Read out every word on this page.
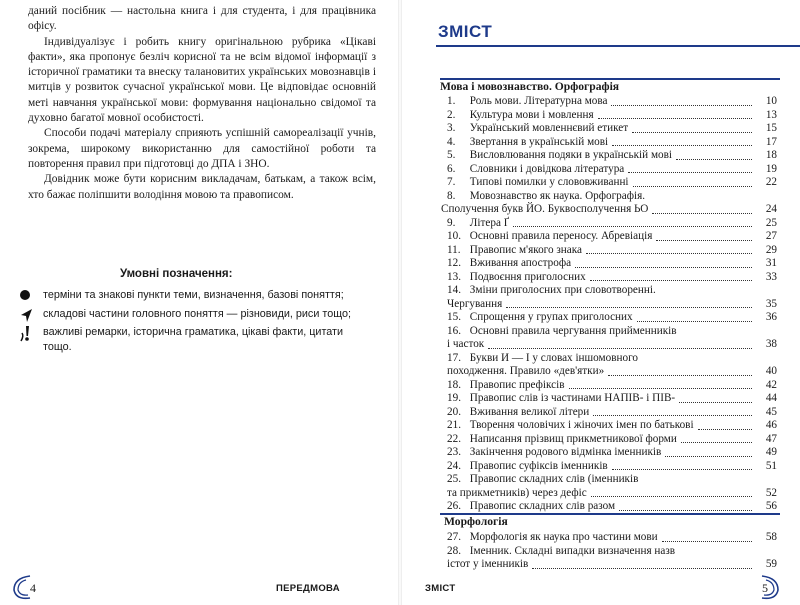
даний посібник — настольна книга і для студента, і для працівника офісу.

Індивідуалізує і робить книгу оригінальною рубрика «Цікаві факти», яка пропонує безліч корисної та не всім відомої інформації з історичної граматики та внеску талановитих українських мовознавців і митців у розвиток сучасної української мови. Це відповідає основній меті навчання української мови: формування національно свідомої та духовно багатої мовної особистості.

Способи подачі матеріалу сприяють успішній самореалізації учнів, зокрема, широкому використанню для самостійної роботи та повторення правил при підготовці до ДПА і ЗНО.

Довідник може бути корисним викладачам, батькам, а також всім, хто бажає поліпшити володіння мовою та правописом.

Умовні позначення:
терміни та знакові пункти теми, визначення, базові поняття;
складові частини головного поняття — різновиди, риси тощо;
важливі ремарки, історична граматика, цікаві факти, цитати тощо.
4	ПЕРЕДМОВА
ЗМІСТ
Мова і мовознавство. Орфографія
1. Роль мови. Літературна мова	10
2. Культура мови і мовлення	13
3. Український мовленнєвий етикет	15
4. Звертання в українській мові	17
5. Висловлювання подяки в українській мові	18
6. Словники і довідкова література	19
7. Типові помилки у слововживанні	22
8. Мовознавство як наука. Орфографія.
Сполучення букв ЙО. Буквосполучення ЬО	24
9. Літера Ґ	25
10. Основні правила переносу. Абревіація	27
11. Правопис м'якого знака	29
12. Вживання апострофа	31
13. Подвоєння приголосних	33
14. Зміни приголосних при словотворенні.
Чергування	35
15. Спрощення у групах приголосних	36
16. Основні правила чергування прийменників
і часток	38
17. Букви И — І у словах іншомовного
походження. Правило «дев'ятки»	40
18. Правопис префіксів	42
19. Правопис слів із частинами НАПІВ- і ПІВ-	44
20. Вживання великої літери	45
21. Творення чоловічих і жіночих імен по батькові	46
22. Написання прізвищ прикметникової форми	47
23. Закінчення родового відмінка іменників	49
24. Правопис суфіксів іменників	51
25. Правопис складних слів (іменників
та прикметників) через дефіс	52
26. Правопис складних слів разом	56
Морфологія
27. Морфологія як наука про частини мови	58
28. Іменник. Складні випадки визначення назв
істот у іменників	59
ЗМІСТ	5
